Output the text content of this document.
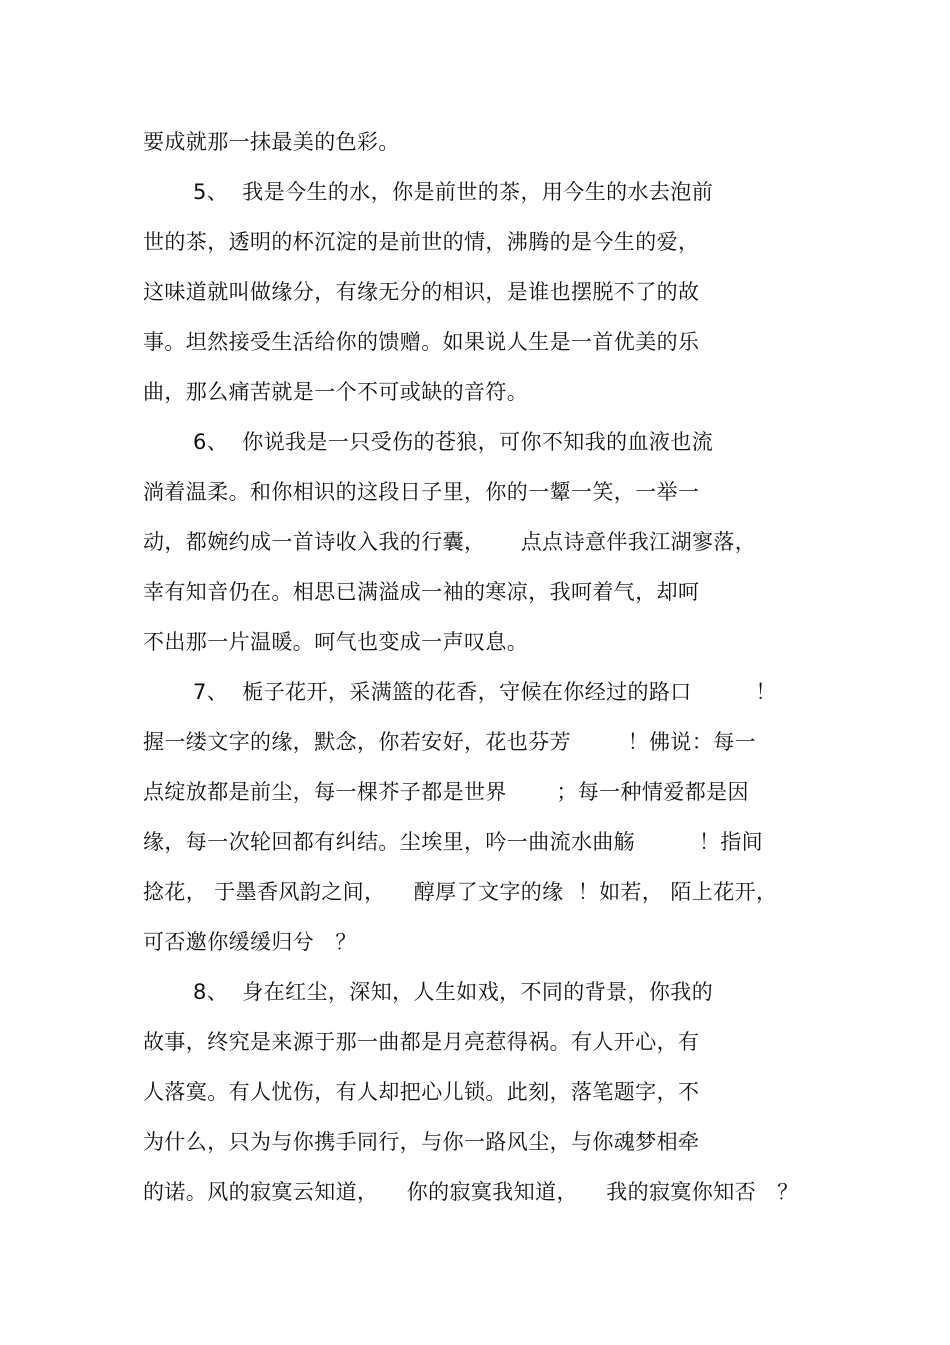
要成就那一抹最美的色彩。
5、  我是今生的水，你是前世的茶，用今生的水去泡前
世的茶，透明的杯沉淀的是前世的情，沸腾的是今生的爱，
这味道就叫做缘分，有缘无分的相识，是谁也摆脱不了的故
事。坦然接受生活给你的馈赠。如果说人生是一首优美的乐
曲，那么痛苦就是一个不可或缺的音符。
6、  你说我是一只受伤的苍狼，可你不知我的血液也流
淌着温柔。和你相识的这段日子里，你的一颦一笑，一举一
动，都婉约成一首诗收入我的行囊，     点点诗意伴我江湖寥落，
幸有知音仍在。相思已满溢成一袖的寒凉，我呵着气，却呵
不出那一片温暖。呵气也变成一声叹息。
7、  栀子花开，采满篮的花香，守候在你经过的路口         ！
握一缕文字的缘，默念，你若安好，花也芬芳        ！佛说：每一
点绽放都是前尘，每一棵芥子都是世界       ；每一种情爱都是因
缘，每一次轮回都有纠结。尘埃里，吟一曲流水曲觞         ！指间
捻花， 于墨香风韵之间，    醇厚了文字的缘  ！如若， 陌上花开，
可否邀你缓缓归兮   ？
8、  身在红尘，深知，人生如戏，不同的背景，你我的
故事，终究是来源于那一曲都是月亮惹得祸。有人开心，有
人落寞。有人忧伤，有人却把心儿锁。此刻，落笔题字，不
为什么，只为与你携手同行，与你一路风尘，与你魂梦相牵
的诺。风的寂寞云知道，    你的寂寞我知道，    我的寂寞你知否   ？
